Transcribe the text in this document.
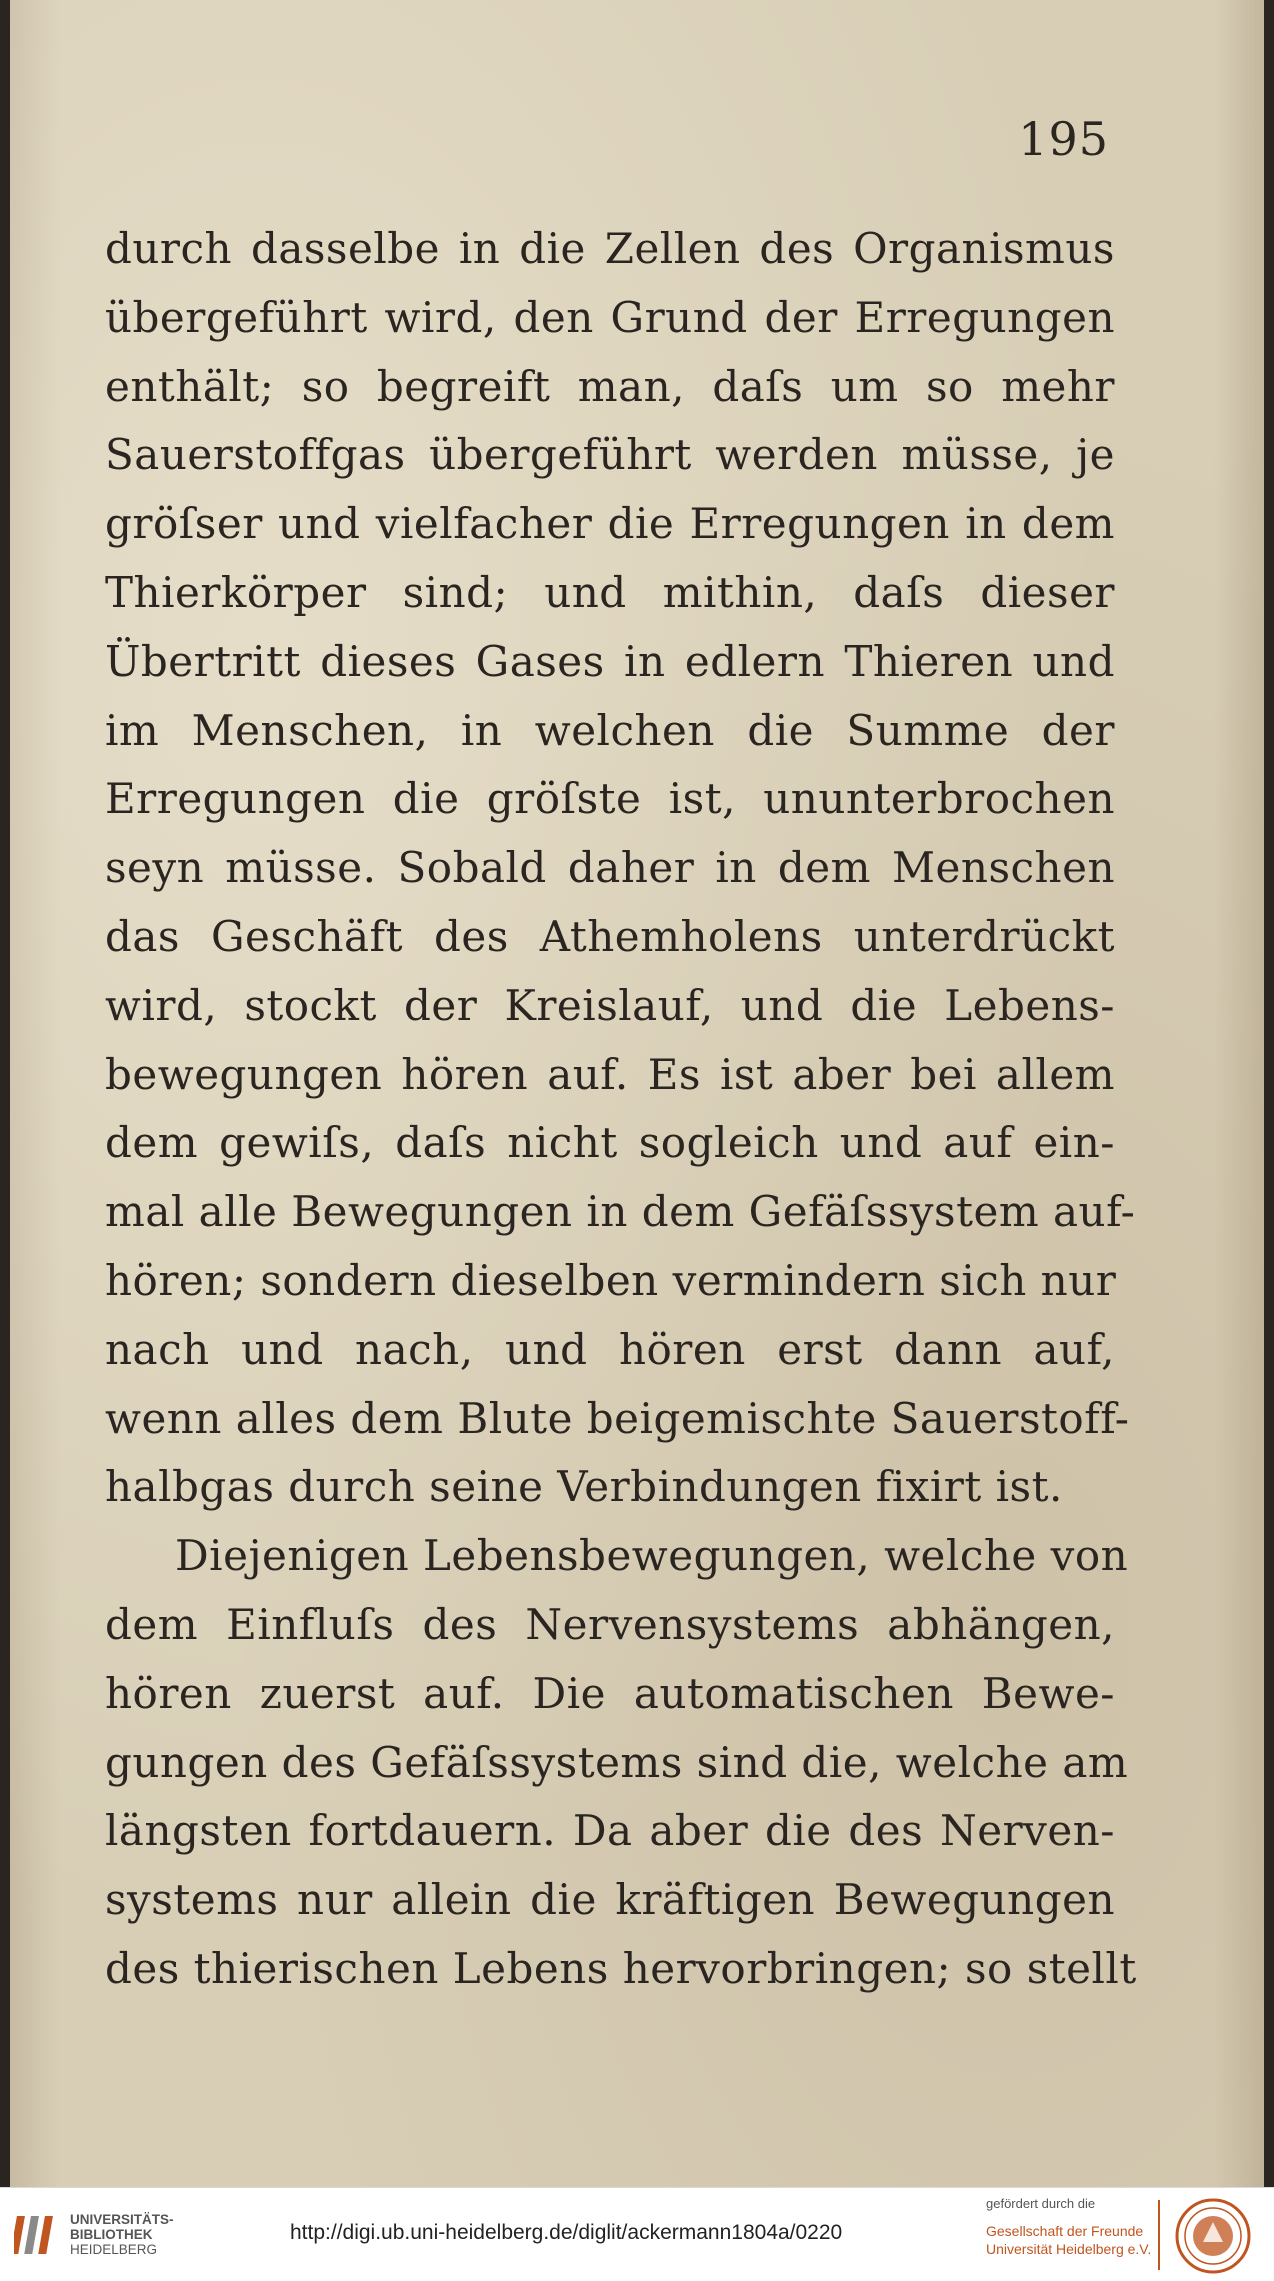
195
durch dasselbe in die Zellen des Organismus
übergeführt wird, den Grund der Erregungen
enthält; so begreift man, daſs um so mehr
Sauerstoffgas übergeführt werden müsse, je
gröſser und vielfacher die Erregungen in dem
Thierkörper sind; und mithin, daſs dieser
Übertritt dieses Gases in edlern Thieren und
im Menschen, in welchen die Summe der
Erregungen die gröſste ist, ununterbrochen
seyn müsse. Sobald daher in dem Menschen
das Geschäft des Athemholens unterdrückt
wird, stockt der Kreislauf, und die Lebens-
bewegungen hören auf. Es ist aber bei allem
dem gewiſs, daſs nicht sogleich und auf ein-
mal alle Bewegungen in dem Gefäſssystem auf-
hören; sondern dieselben vermindern sich nur
nach und nach, und hören erst dann auf,
wenn alles dem Blute beigemischte Sauerstoff-
halbgas durch seine Verbindungen fixirt ist.
Diejenigen Lebensbewegungen, welche von
dem Einfluſs des Nervensystems abhängen,
hören zuerst auf. Die automatischen Bewe-
gungen des Gefäſssystems sind die, welche am
längsten fortdauern. Da aber die des Nerven-
systems nur allein die kräftigen Bewegungen
des thierischen Lebens hervorbringen; so stellt
UNIVERSITÄTS-
BIBLIOTHEK
HEIDELBERG
http://digi.ub.uni-heidelberg.de/diglit/ackermann1804a/0220
gefördert durch die
Gesellschaft der Freunde
Universität Heidelberg e.V.
